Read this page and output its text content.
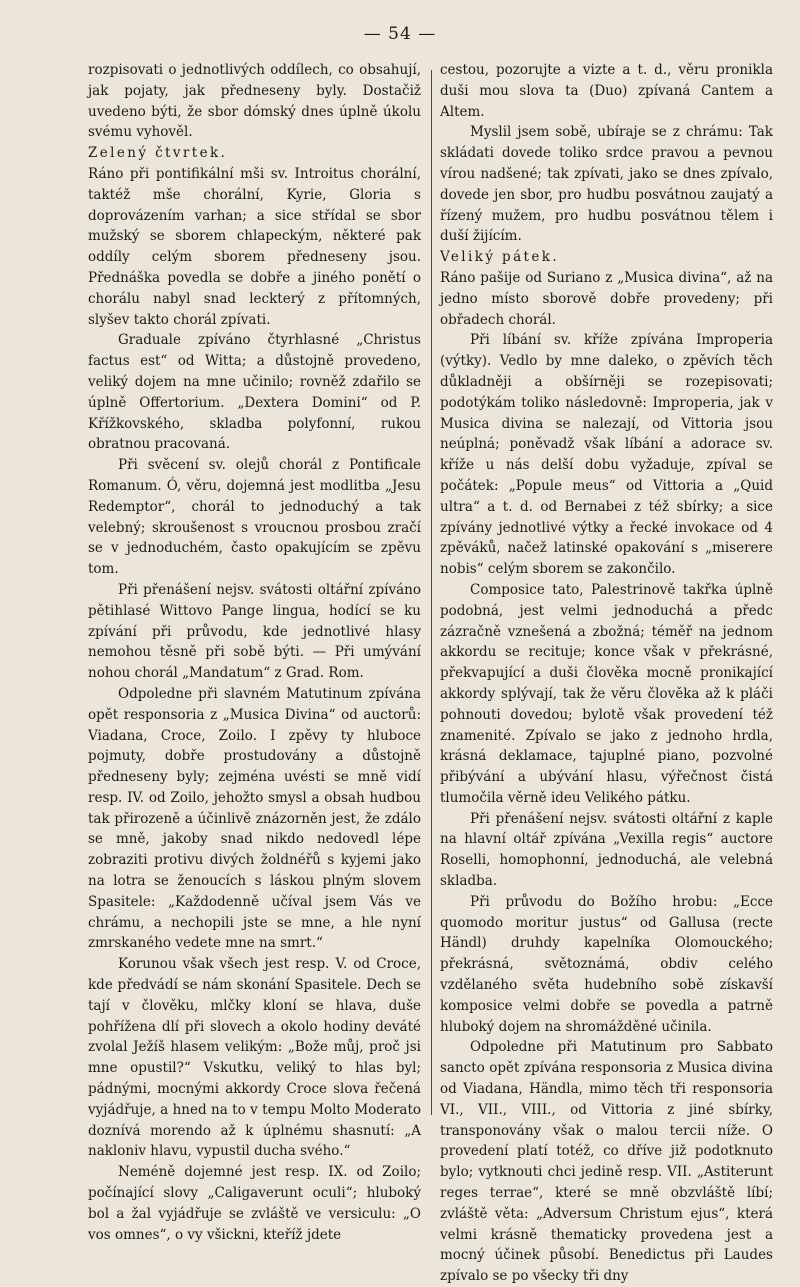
— 54 —

rozpisovati o jednotlivých oddílech, co obsahují, jak pojaty, jak předneseny byly. Dostačiž uvedeno býti, že sbor dómský dnes úplně úkolu svému vyhověl.

Zelený čtvrtek.

Ráno při pontifikální mši sv. Introitus chorální, taktéž mše chorální, Kyrie, Gloria s doprovázením varhan; a sice střídal se sbor mužský se sborem chlapeckým, některé pak oddíly celým sborem předneseny jsou. Přednáška povedla se dobře a jiného ponětí o chorálu nabyl snad leckterý z přítomných, slyšev takto chorál zpívati.

Graduale zpíváno čtyrhlasné „Christus factus est“ od Witta; a důstojně provedeno, veliký dojem na mne učinilo; rovněž zdařilo se úplně Offertorium. „Dextera Domini“ od P. Křížkovského, skladba polyfonní, rukou obratnou pracovaná.

Při svěcení sv. olejů chorál z Pontificale Romanum. Ó, věru, dojemná jest modlitba „Jesu Redemptor“, chorál to jednoduchý a tak velebný; skroušenost s vroucnou prosbou zračí se v jednoduchém, často opakujícím se zpěvu tom.

Při přenášení nejsv. svátosti oltářní zpíváno pětihlasé Wittovo Pange lingua, hodící se ku zpívání při průvodu, kde jednotlivé hlasy nemohou těsně při sobě býti. — Při umývání nohou chorál „Mandatum“ z Grad. Rom.

Odpoledne při slavném Matutinum zpívána opět responsoria z „Musica Divina“ od auctorů: Viadana, Croce, Zoilo. I zpěvy ty hluboce pojmuty, dobře prostudovány a důstojně předneseny byly; zejména uvésti se mně vidí resp. IV. od Zoilo, jehožto smysl a obsah hudbou tak přirozeně a účinlivě znázorněn jest, že zdálo se mně, jakoby snad nikdo nedovedl lépe zobraziti protivu divých žoldnéřů s kyjemi jako na lotra se ženoucích s láskou plným slovem Spasitele: „Každodenně učíval jsem Vás ve chrámu, a nechopili jste se mne, a hle nyní zmrskaného vedete mne na smrt.“

Korunou však všech jest resp. V. od Croce, kde předvádí se nám skonání Spasitele. Dech se tají v člověku, mlčky kloní se hlava, duše pohřížena dlí při slovech a okolo hodiny deváté zvolal Ježíš hlasem velikým: „Bože můj, proč jsi mne opustil?“ Vskutku, veliký to hlas byl; pádnými, mocnými akkordy Croce slova řečená vyjádřuje, a hned na to v tempu Molto Moderato doznívá morendo až k úplnému shasnutí: „A nakloniv hlavu, vypustil ducha svého.“

Neméně dojemné jest resp. IX. od Zoilo; počínající slovy „Caligaverunt oculi“; hluboký bol a žal vyjádřuje se zvláště ve versiculu: „O vos omnes“, o vy všickni, kteříž jdete

cestou, pozorujte a vizte a t. d., věru pronikla duši mou slova ta (Duo) zpívaná Cantem a Altem.

Myslil jsem sobě, ubíraje se z chrámu: Tak skládati dovede toliko srdce pravou a pevnou vírou nadšené; tak zpívati, jako se dnes zpívalo, dovede jen sbor, pro hudbu posvátnou zaujatý a řízený mužem, pro hudbu posvátnou tělem i duší žijícím.

Veliký pátek.

Ráno pašije od Suriano z „Musica divina“, až na jedno místo sborově dobře provedeny; při obřadech chorál.

Při líbání sv. kříže zpívána Improperia (výtky). Vedlo by mne daleko, o zpěvích těch důkladněji a obšírněji se rozepisovati; podotýkám toliko následovně: Improperia, jak v Musica divina se nalezají, od Vittoria jsou neúplná; poněvadž však líbání a adorace sv. kříže u nás delší dobu vyžaduje, zpíval se počátek: „Popule meus“ od Vittoria a „Quid ultra“ a t. d. od Bernabei z též sbírky; a sice zpívány jednotlivé výtky a řecké invokace od 4 zpěváků, načež latinské opakování s „miserere nobis“ celým sborem se zakončilo.

Composice tato, Palestrinově takřka úplně podobná, jest velmi jednoduchá a předc zázračně vznešená a zbožná; téměř na jednom akkordu se recituje; konce však v překrásné, překvapující a duši člověka mocně pronikající akkordy splývají, tak že věru člověka až k pláči pohnouti dovedou; bylotě však provedení též znamenité. Zpívalo se jako z jednoho hrdla, krásná deklamace, tajuplné piano, pozvolné přibývání a ubývání hlasu, výřečnost čistá tlumočila věrně ideu Velikého pátku.

Při přenášení nejsv. svátosti oltářní z kaple na hlavní oltář zpívána „Vexilla regis“ auctore Roselli, homophonní, jednoduchá, ale velebná skladba.

Při průvodu do Božího hrobu: „Ecce quomodo moritur justus“ od Gallusa (recte Händl) druhdy kapelníka Olomouckého; překrásná, světoznámá, obdiv celého vzdělaného světa hudebního sobě získavší komposice velmi dobře se povedla a patrně hluboký dojem na shromážděné učinila.

Odpoledne při Matutinum pro Sabbato sancto opět zpívána responsoria z Musica divina od Viadana, Händla, mimo těch tři responsoria VI., VII., VIII., od Vittoria z jiné sbírky, transponovány však o malou tercii níže. O provedení platí totéž, co dříve již podotknuto bylo; vytknouti chci jedině resp. VII. „Astiterunt reges terrae“, které se mně obzvláště líbí; zvláště věta: „Adversum Christum ejus“, která velmi krásně thematicky provedena jest a mocný účinek působí. Benedictus při Laudes zpívalo se po všecky tři dny
